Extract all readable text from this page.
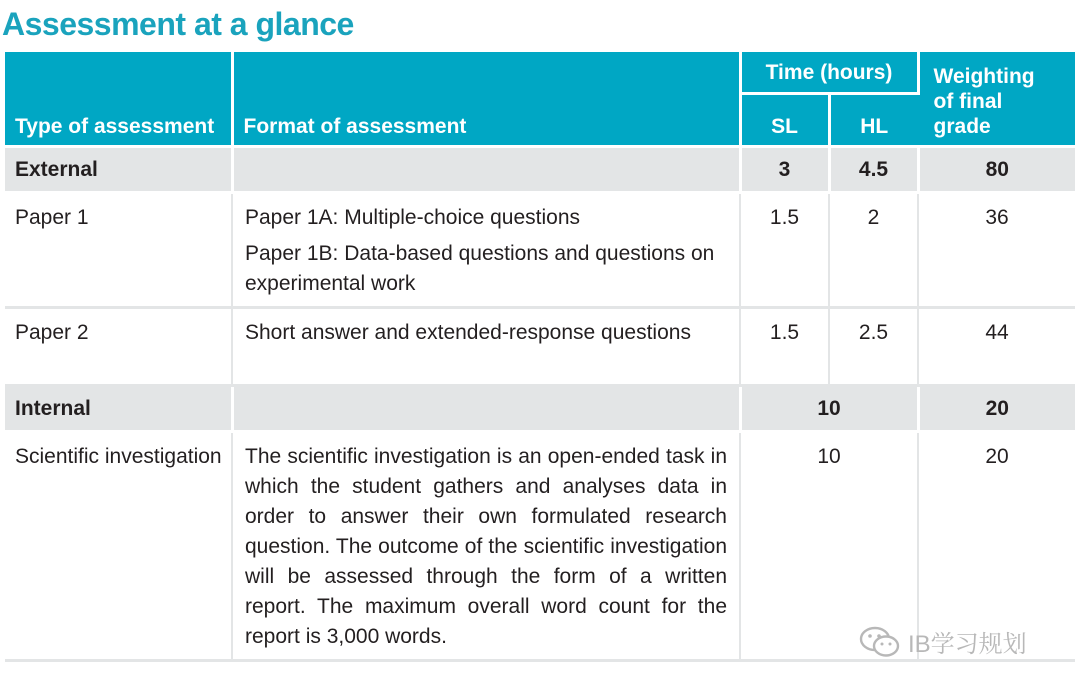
Assessment at a glance
Type of assessment	Format of assessment	Time (hours)		Weighting
of final
grade

		SL	HL	
External		3	4.5	80
Paper 1	Paper 1A: Multiple-choice questions
Paper 1B: Data-based questions and questions on experimental work	1.5	2	36
Paper 2	Short answer and extended-response questions	1.5	2.5	44
Internal		10		20
Scientific investigation	The scientific investigation is an open-ended task in which the student gathers and analyses data in order to answer their own formulated research question. The outcome of the scientific investigation will be assessed through the form of a written report. The maximum overall word count for the report is 3,000 words.	10		20
IB学习规划
